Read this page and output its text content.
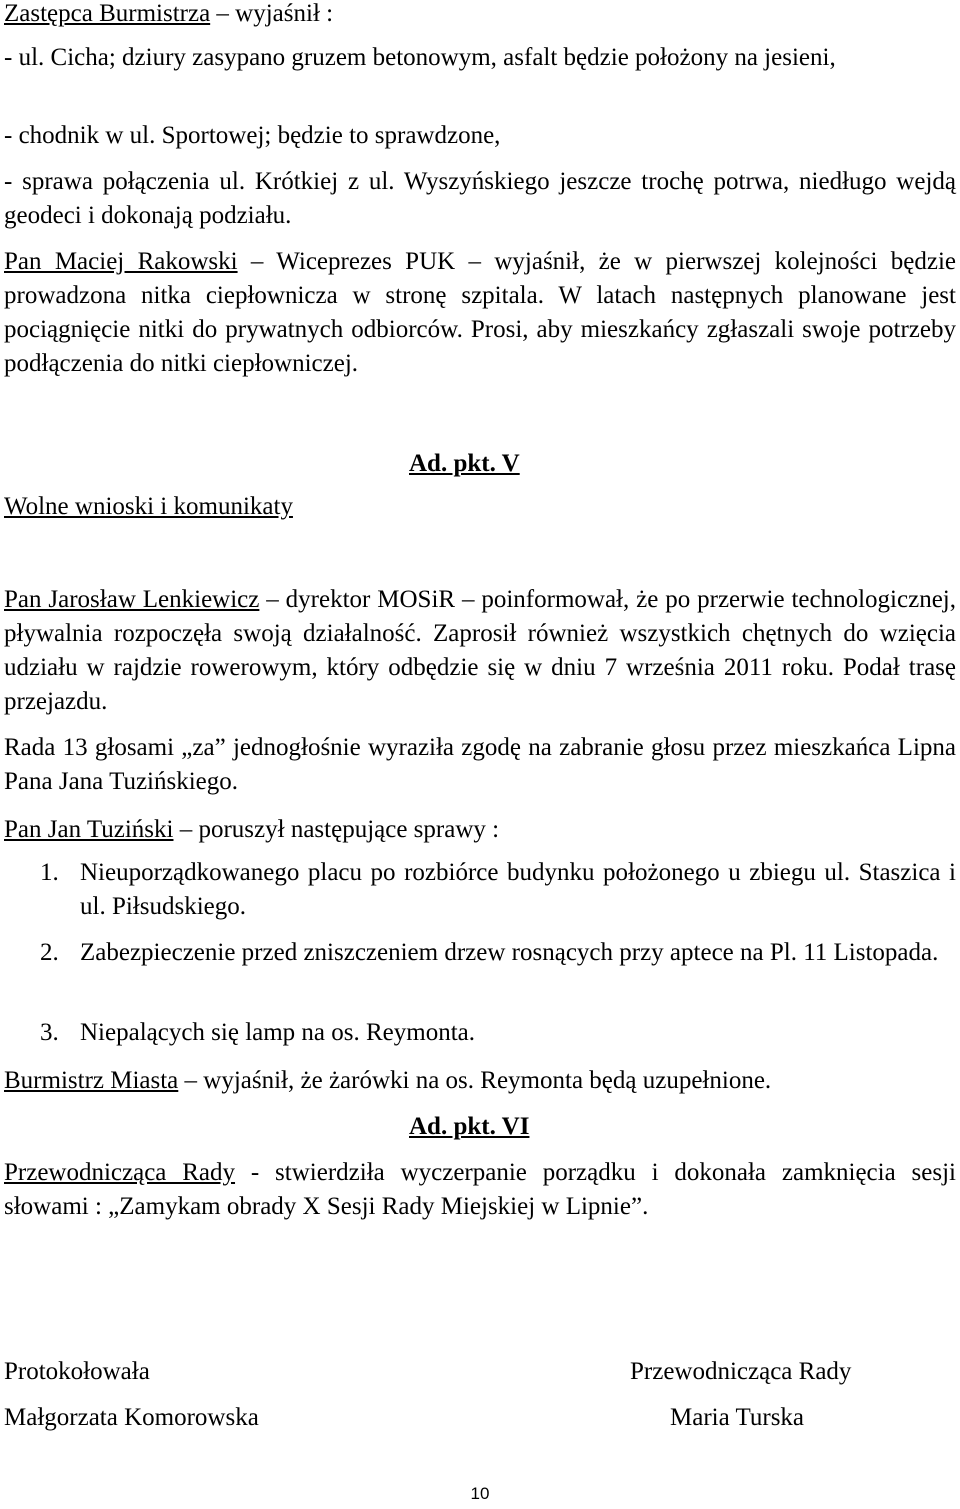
Zastępca Burmistrza – wyjaśnił :
- ul. Cicha; dziury zasypano gruzem betonowym, asfalt będzie położony na jesieni,
- chodnik w ul. Sportowej; będzie to sprawdzone,
- sprawa połączenia ul. Krótkiej z ul. Wyszyńskiego jeszcze trochę potrwa, niedługo wejdą geodeci i dokonają podziału.
Pan Maciej Rakowski – Wiceprezes PUK – wyjaśnił, że w pierwszej kolejności będzie prowadzona nitka ciepłownicza w stronę szpitala. W latach następnych planowane jest pociągnięcie nitki do prywatnych odbiorców. Prosi, aby mieszkańcy zgłaszali swoje potrzeby podłączenia do nitki ciepłowniczej.
Ad. pkt. V
Wolne wnioski i komunikaty
Pan Jarosław Lenkiewicz – dyrektor MOSiR – poinformował, że po przerwie technologicznej, pływalnia rozpoczęła swoją działalność. Zaprosił również wszystkich chętnych do wzięcia udziału w rajdzie rowerowym, który odbędzie się w dniu 7 września 2011 roku. Podał trasę przejazdu.
Rada 13 głosami „za” jednogłośnie wyraziła zgodę na zabranie głosu przez mieszkańca Lipna Pana Jana Tuzińskiego.
Pan Jan Tuziński – poruszył następujące sprawy :
1. Nieuporządkowanego placu po rozbiórce budynku położonego u zbiegu ul. Staszica i ul. Piłsudskiego.
2. Zabezpieczenie przed zniszczeniem drzew rosnących przy aptece na Pl. 11 Listopada.
3. Niepalących się lamp na os. Reymonta.
Burmistrz Miasta – wyjaśnił, że żarówki na os. Reymonta będą uzupełnione.
Ad. pkt. VI
Przewodnicząca Rady - stwierdziła wyczerpanie porządku i dokonała zamknięcia sesji słowami : „Zamykam obrady X Sesji Rady Miejskiej w Lipnie”.
Protokołowała
Małgorzata Komorowska
Przewodnicząca Rady
Maria Turska
10
